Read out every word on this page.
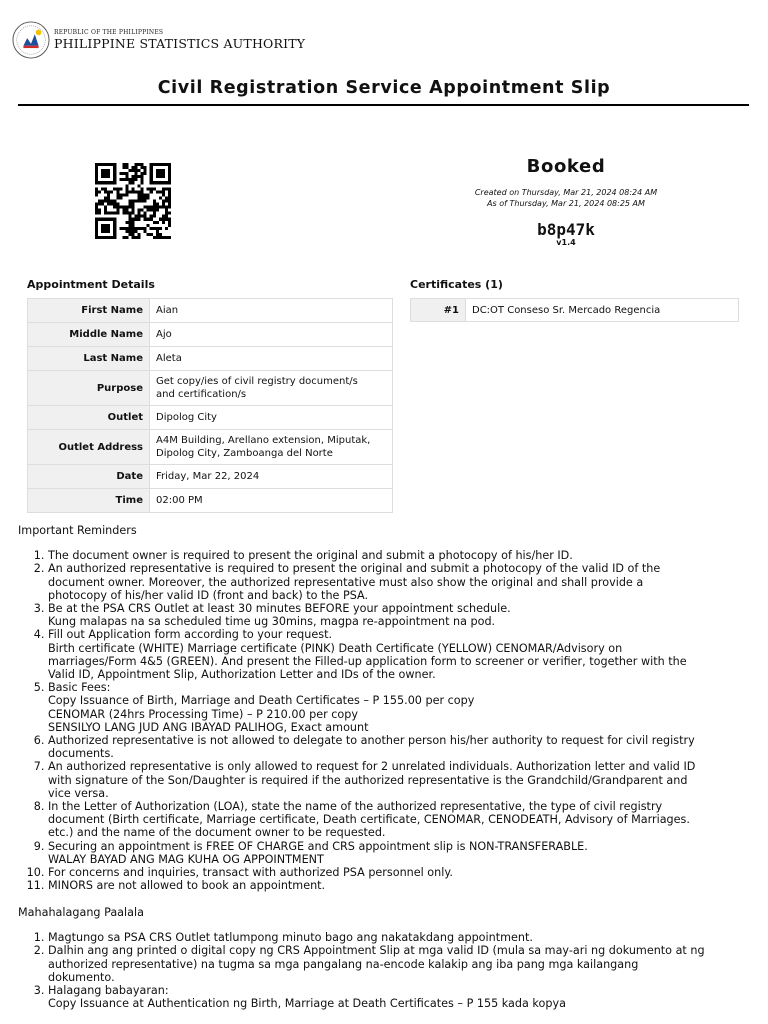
REPUBLIC OF THE PHILIPPINES
PHILIPPINE STATISTICS AUTHORITY
Civil Registration Service Appointment Slip
Booked
Created on Thursday, Mar 21, 2024 08:24 AM
As of Thursday, Mar 21, 2024 08:25 AM
b8p47k
v1.4
Appointment Details	Certificates (1)
First Name	Aian
Middle Name	Ajo
Last Name	Aleta
Purpose	Get copy/ies of civil registry document/s
and certification/s

Outlet	Dipolog City
Outlet Address	A4M Building, Arellano extension, Miputak,
Dipolog City, Zamboanga del Norte

Date	Friday, Mar 22, 2024
Time	02:00 PM
#1	DC:OT Conseso Sr. Mercado Regencia
Important Reminders
1. The document owner is required to present the original and submit a photocopy of his/her ID.
2. An authorized representative is required to present the original and submit a photocopy of the valid ID of the
document owner. Moreover, the authorized representative must also show the original and shall provide a
photocopy of his/her valid ID (front and back) to the PSA.
3. Be at the PSA CRS Outlet at least 30 minutes BEFORE your appointment schedule.
Kung malapas na sa scheduled time ug 30mins, magpa re-appointment na pod.
4. Fill out Application form according to your request.
Birth certificate (WHITE) Marriage certificate (PINK) Death Certificate (YELLOW) CENOMAR/Advisory on
marriages/Form 4&5 (GREEN). And present the Filled-up application form to screener or verifier, together with the
Valid ID, Appointment Slip, Authorization Letter and IDs of the owner.
5. Basic Fees:
Copy Issuance of Birth, Marriage and Death Certificates – P 155.00 per copy
CENOMAR (24hrs Processing Time) – P 210.00 per copy
SENSILYO LANG JUD ANG IBAYAD PALIHOG, Exact amount
6. Authorized representative is not allowed to delegate to another person his/her authority to request for civil registry
documents.
7. An authorized representative is only allowed to request for 2 unrelated individuals. Authorization letter and valid ID
with signature of the Son/Daughter is required if the authorized representative is the Grandchild/Grandparent and
vice versa.
8. In the Letter of Authorization (LOA), state the name of the authorized representative, the type of civil registry
document (Birth certificate, Marriage certificate, Death certificate, CENOMAR, CENODEATH, Advisory of Marriages.
etc.) and the name of the document owner to be requested.
9. Securing an appointment is FREE OF CHARGE and CRS appointment slip is NON-TRANSFERABLE.
WALAY BAYAD ANG MAG KUHA OG APPOINTMENT
10. For concerns and inquiries, transact with authorized PSA personnel only.
11. MINORS are not allowed to book an appointment.
Mahahalagang Paalala
1. Magtungo sa PSA CRS Outlet tatlumpong minuto bago ang nakatakdang appointment.
2. Dalhin ang ang printed o digital copy ng CRS Appointment Slip at mga valid ID (mula sa may-ari ng dokumento at ng
authorized representative) na tugma sa mga pangalang na-encode kalakip ang iba pang mga kailangang
dokumento.
3. Halagang babayaran:
Copy Issuance at Authentication ng Birth, Marriage at Death Certificates – P 155 kada kopya
